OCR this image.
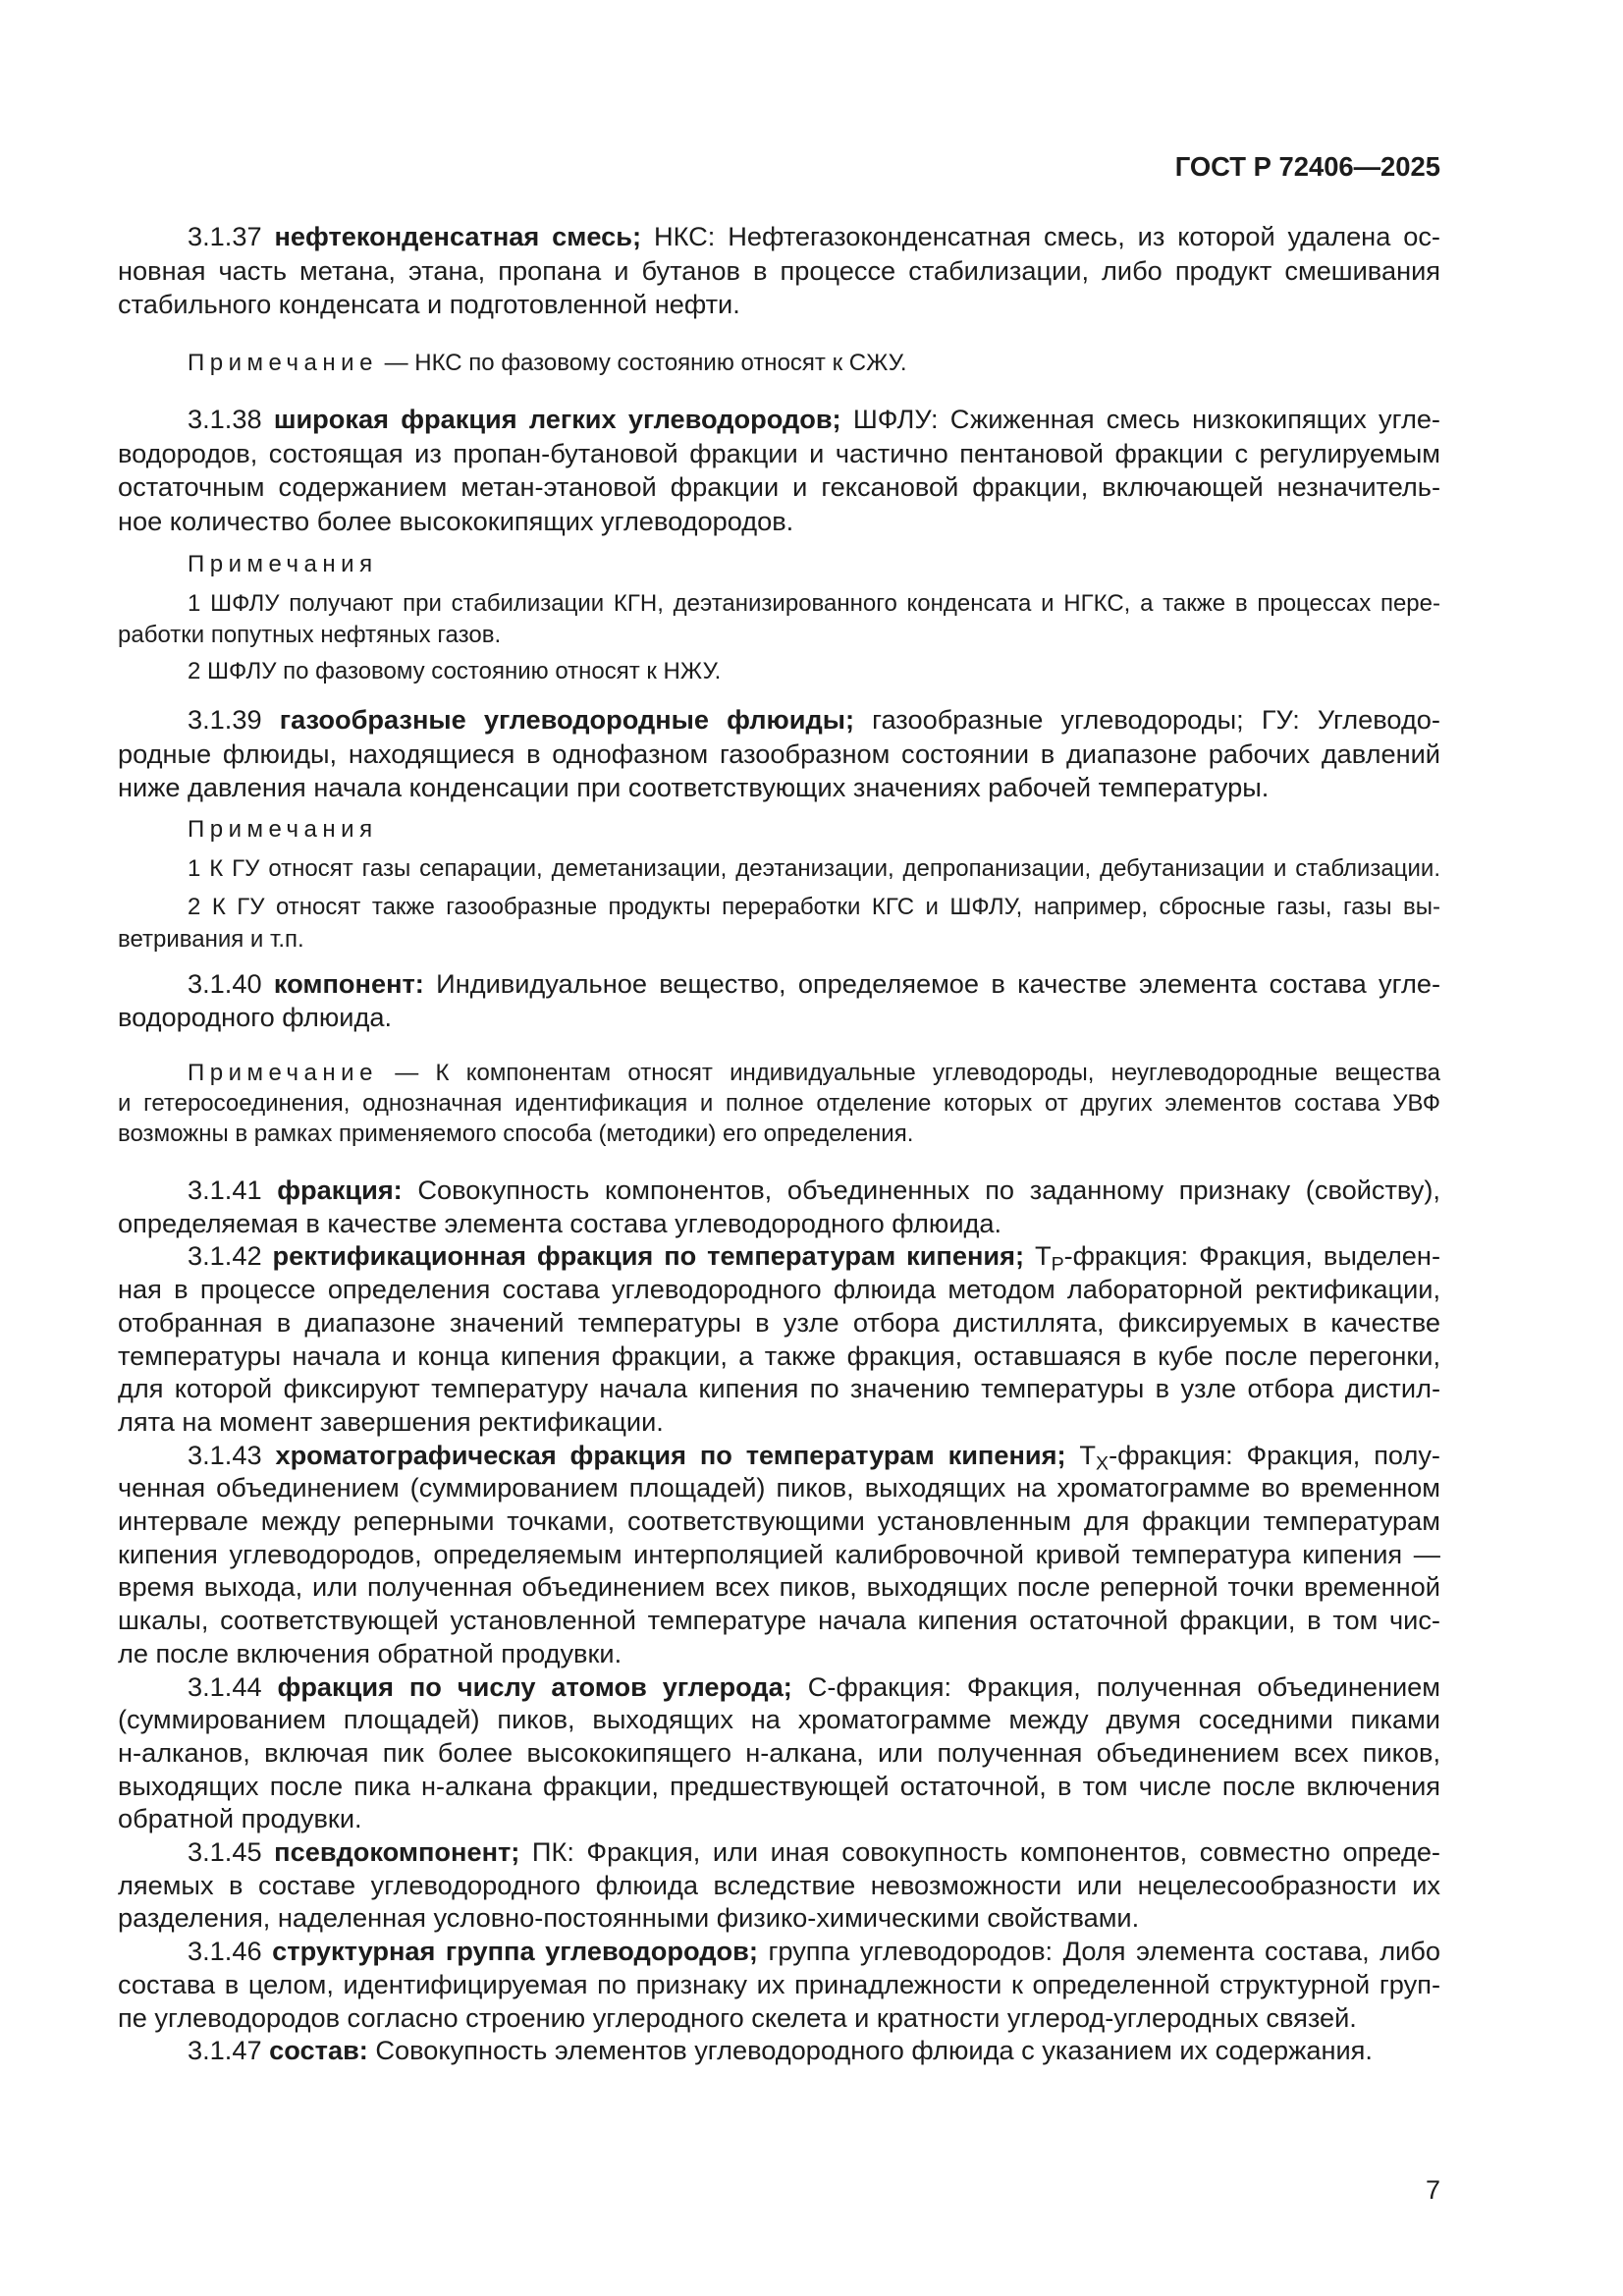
ГОСТ Р 72406—2025
7
3.1.37 нефтеконденсатная смесь; НКС: Нефтегазоконденсатная смесь, из которой удалена ос-
новная часть метана, этана, пропана и бутанов в процессе стабилизации, либо продукт смешивания
стабильного конденсата и подготовленной нефти.
Примечание — НКС по фазовому состоянию относят к СЖУ.
3.1.38 широкая фракция легких углеводородов; ШФЛУ: Сжиженная смесь низкокипящих угле-
водородов, состоящая из пропан-бутановой фракции и частично пентановой фракции с регулируемым
остаточным содержанием метан-этановой фракции и гексановой фракции, включающей незначитель-
ное количество более высококипящих углеводородов.
Примечания
1 ШФЛУ получают при стабилизации КГН, деэтанизированного конденсата и НГКС, а также в процессах пере-
работки попутных нефтяных газов.
2 ШФЛУ по фазовому состоянию относят к НЖУ.
3.1.39 газообразные углеводородные флюиды; газообразные углеводороды; ГУ: Углеводо-
родные флюиды, находящиеся в однофазном газообразном состоянии в диапазоне рабочих давлений
ниже давления начала конденсации при соответствующих значениях рабочей температуры.
Примечания
1 К ГУ относят газы сепарации, деметанизации, деэтанизации, депропанизации, дебутанизации и стаблизации.
2 К ГУ относят также газообразные продукты переработки КГС и ШФЛУ, например, сбросные газы, газы вы-
ветривания и т.п.
3.1.40 компонент: Индивидуальное вещество, определяемое в качестве элемента состава угле-
водородного флюида.
Примечание — К компонентам относят индивидуальные углеводороды, неуглеводородные вещества
и гетеросоединения, однозначная идентификация и полное отделение которых от других элементов состава УВФ
возможны в рамках применяемого способа (методики) его определения.
3.1.41 фракция: Совокупность компонентов, объединенных по заданному признаку (свойству),
определяемая в качестве элемента состава углеводородного флюида.
3.1.42 ректификационная фракция по температурам кипения; $Т_Р$-фракция: Фракция, выделен-
ная в процессе определения состава углеводородного флюида методом лабораторной ректификации,
отобранная в диапазоне значений температуры в узле отбора дистиллята, фиксируемых в качестве
температуры начала и конца кипения фракции, а также фракция, оставшаяся в кубе после перегонки,
для которой фиксируют температуру начала кипения по значению температуры в узле отбора дистил-
лята на момент завершения ректификации.
3.1.43 хроматографическая фракция по температурам кипения; $Т_Х$-фракция: Фракция, полу-
ченная объединением (суммированием площадей) пиков, выходящих на хроматограмме во временном
интервале между реперными точками, соответствующими установленным для фракции температурам
кипения углеводородов, определяемым интерполяцией калибровочной кривой температура кипения —
время выхода, или полученная объединением всех пиков, выходящих после реперной точки временной
шкалы, соответствующей установленной температуре начала кипения остаточной фракции, в том чис-
ле после включения обратной продувки.
3.1.44 фракция по числу атомов углерода; С-фракция: Фракция, полученная объединением
(суммированием площадей) пиков, выходящих на хроматограмме между двумя соседними пиками
н-алканов, включая пик более высококипящего н-алкана, или полученная объединением всех пиков,
выходящих после пика н-алкана фракции, предшествующей остаточной, в том числе после включения
обратной продувки.
3.1.45 псевдокомпонент; ПК: Фракция, или иная совокупность компонентов, совместно опреде-
ляемых в составе углеводородного флюида вследствие невозможности или нецелесообразности их
разделения, наделенная условно-постоянными физико-химическими свойствами.
3.1.46 структурная группа углеводородов; группа углеводородов: Доля элемента состава, либо
состава в целом, идентифицируемая по признаку их принадлежности к определенной структурной груп-
пе углеводородов согласно строению углеродного скелета и кратности углерод-углеродных связей.
3.1.47 состав: Совокупность элементов углеводородного флюида с указанием их содержания.
